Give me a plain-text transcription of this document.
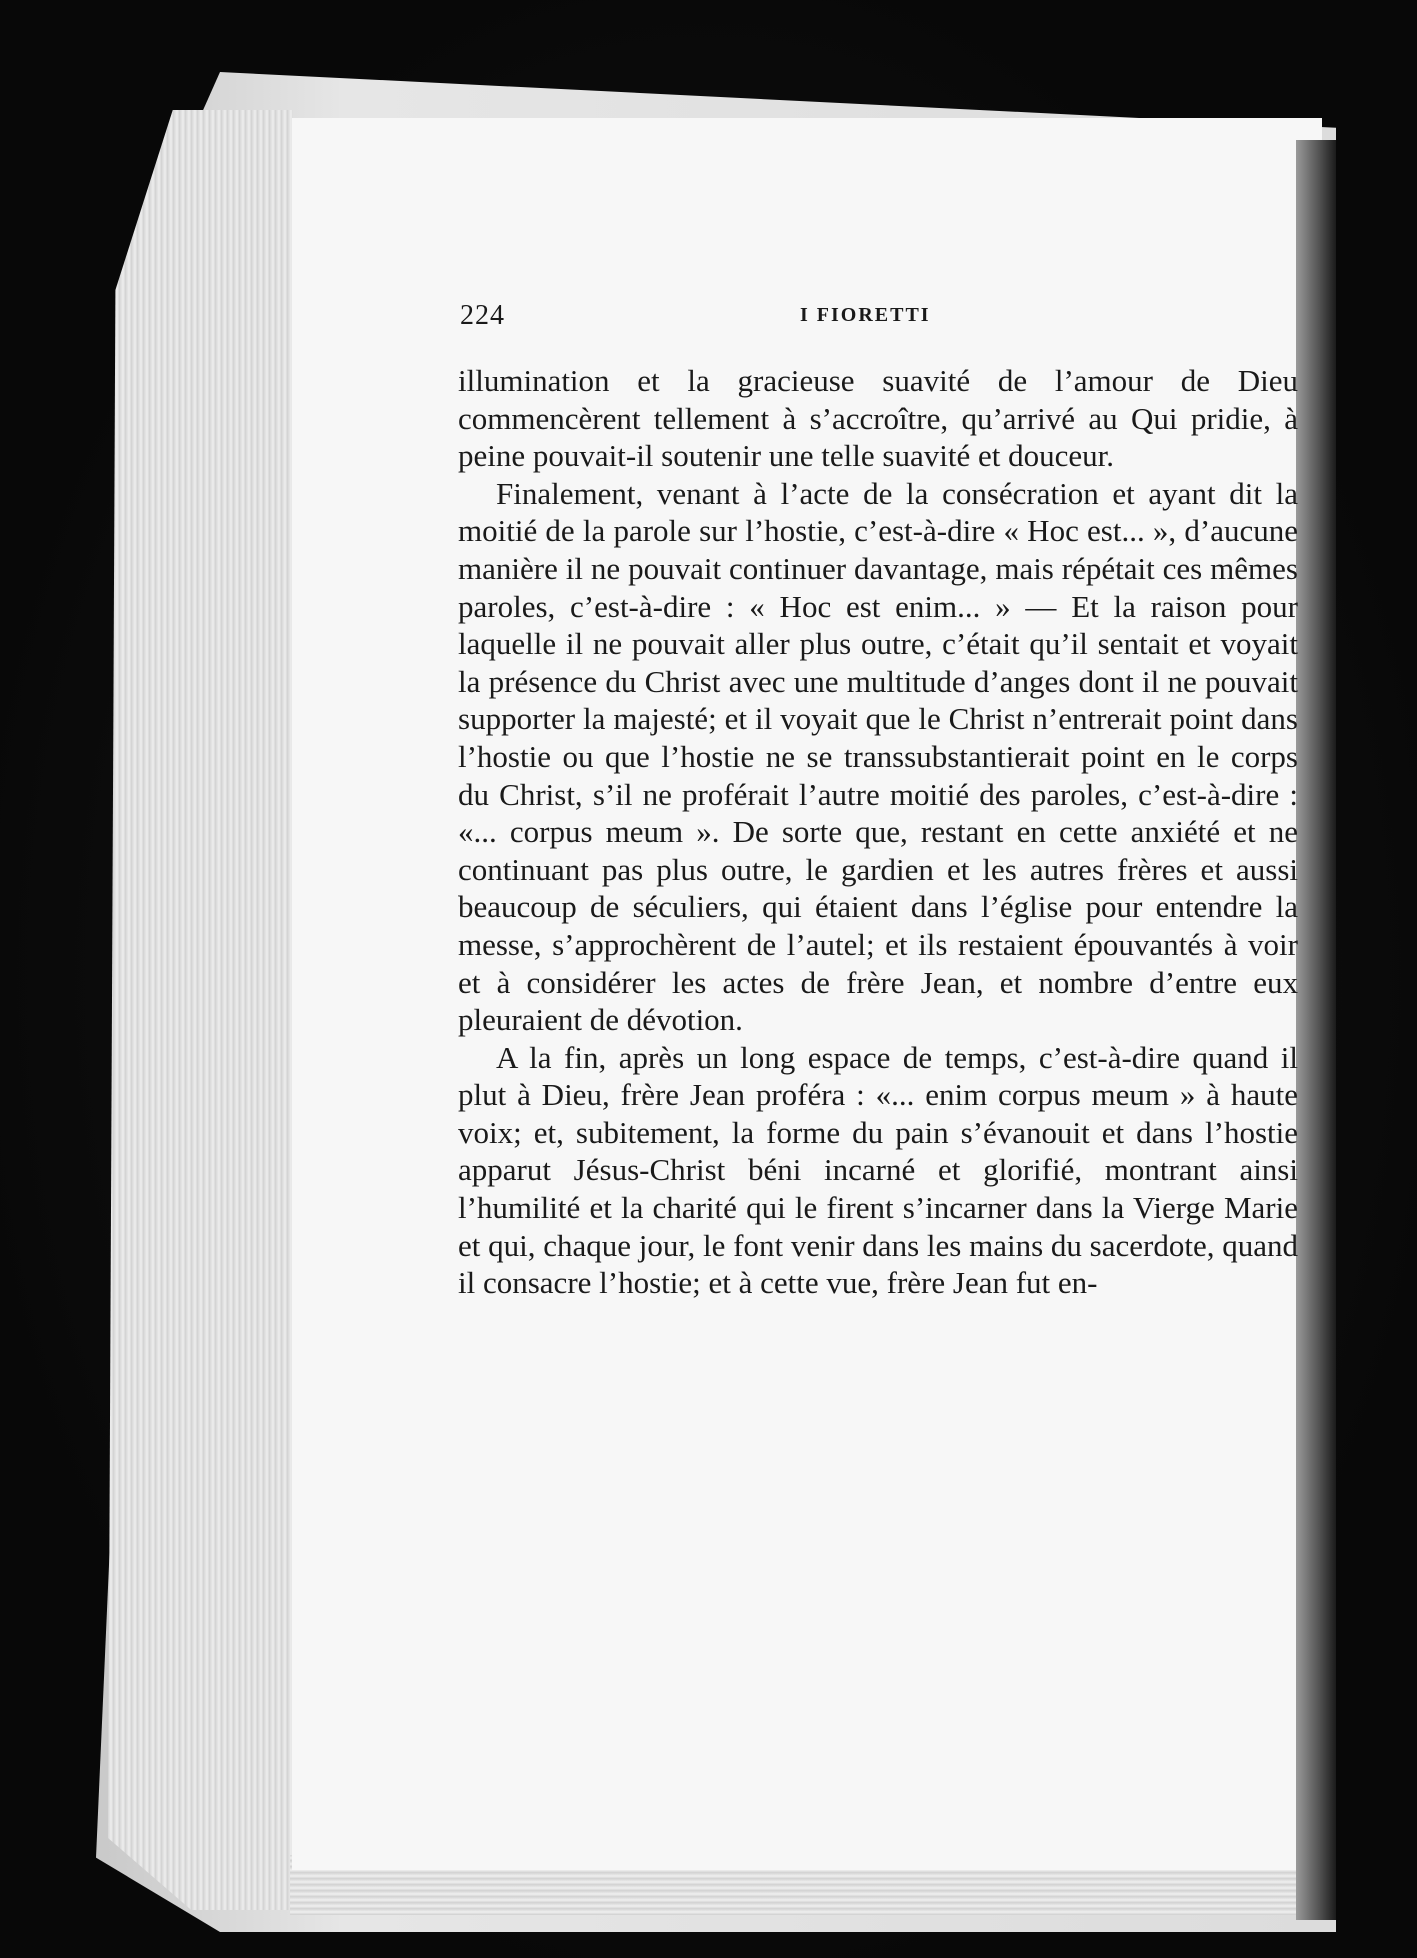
224	I FIORETTI

illumination et la gracieuse suavité de l’amour de Dieu commencèrent tellement à s’accroître, qu’arrivé au Qui pridie, à peine pouvait-il soutenir une telle suavité et douceur.

Finalement, venant à l’acte de la consécration et ayant dit la moitié de la parole sur l’hostie, c’est-à-dire « Hoc est... », d’aucune manière il ne pouvait continuer davantage, mais répétait ces mêmes paroles, c’est-à-dire : « Hoc est enim... » — Et la raison pour laquelle il ne pouvait aller plus outre, c’était qu’il sentait et voyait la présence du Christ avec une multitude d’anges dont il ne pouvait supporter la majesté; et il voyait que le Christ n’entrerait point dans l’hostie ou que l’hostie ne se transsubstantierait point en le corps du Christ, s’il ne proférait l’autre moitié des paroles, c’est-à-dire : «... corpus meum ». De sorte que, restant en cette anxiété et ne continuant pas plus outre, le gardien et les autres frères et aussi beaucoup de séculiers, qui étaient dans l’église pour entendre la messe, s’approchèrent de l’autel; et ils restaient épouvantés à voir et à considérer les actes de frère Jean, et nombre d’entre eux pleuraient de dévotion.

A la fin, après un long espace de temps, c’est-à-dire quand il plut à Dieu, frère Jean proféra : «... enim corpus meum » à haute voix; et, subitement, la forme du pain s’évanouit et dans l’hostie apparut Jésus-Christ béni incarné et glorifié, montrant ainsi l’humilité et la charité qui le firent s’incarner dans la Vierge Marie et qui, chaque jour, le font venir dans les mains du sacerdote, quand il consacre l’hostie; et à cette vue, frère Jean fut en-
